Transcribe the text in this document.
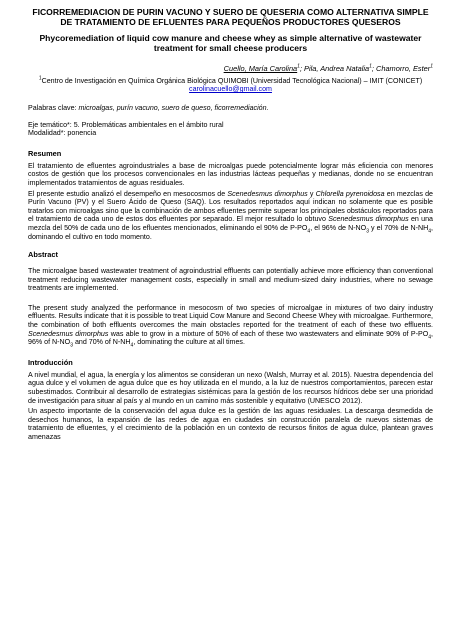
FICORREMEDIACION DE PURIN VACUNO Y SUERO DE QUESERIA COMO ALTERNATIVA SIMPLE DE TRATAMIENTO DE EFLUENTES PARA PEQUEÑOS PRODUCTORES QUESEROS
Phycoremediation of liquid cow manure and cheese whey as simple alternative of wastewater treatment for small cheese producers
Cuello, María Carolina$^1$; Pila, Andrea Natalia$^1$; Chamorro, Ester$^1$
$^1$Centro de Investigación en Química Orgánica Biológica QUIMOBI (Universidad Tecnológica Nacional) – IMIT (CONICET)
carolinacuello@gmail.com
Palabras clave: microalgas, purín vacuno, suero de queso, ficorremediación.
Eje temático*: 5. Problemáticas ambientales en el ámbito rural
Modalidad*: ponencia
Resumen

El tratamiento de efluentes agroindustriales a base de microalgas puede potencialmente lograr más eficiencia con menores costos de gestión que los procesos convencionales en las industrias lácteas pequeñas y medianas, donde no se encuentran implementados tratamientos de aguas residuales.

El presente estudio analizó el desempeño en mesocosmos de Scenedesmus dimorphus y Chlorella pyrenoidosa en mezclas de Purín Vacuno (PV) y el Suero Ácido de Queso (SAQ). Los resultados reportados aquí indican no solamente que es posible tratarlos con microalgas sino que la combinación de ambos efluentes permite superar los principales obstáculos reportados para el tratamiento de cada uno de estos dos efluentes por separado. El mejor resultado lo obtuvo Scenedesmus dimorphus en una mezcla del 50% de cada uno de los efluentes mencionados, eliminando el 90% de $P-PO_4$, el 96% de $N-NO_3$ y el 70% de $N-NH_4$, dominando el cultivo en todo momento.

Abstract

The microalgae based wastewater treatment of agroindustrial effluents can potentially achieve more efficiency than conventional treatment reducing wastewater management costs, especially in small and medium-sized dairy industries, where no sewage treatments are implemented.

The present study analyzed the performance in mesocosm of two species of microalgae in mixtures of two dairy industry effluents. Results indicate that it is possible to treat Liquid Cow Manure and Second Cheese Whey with microalgae. Furthermore, the combination of both effluents overcomes the main obstacles reported for the treatment of each of these two effluents. Scenedesmus dimorphus was able to grow in a mixture of 50% of each of these two wastewaters and eliminate 90% of $P-PO_4$, 96% of $N-NO_3$ and 70% of $N-NH_4$, dominating the culture at all times.

Introducción

A nivel mundial, el agua, la energía y los alimentos se consideran un nexo (Walsh, Murray et al. 2015). Nuestra dependencia del agua dulce y el volumen de agua dulce que es hoy utilizada en el mundo, a la luz de nuestros comportamientos, parecen estar subestimados. Contribuir al desarrollo de estrategias sistémicas para la gestión de los recursos hídricos debe ser una prioridad de investigación para situar al país y al mundo en un camino más sostenible y equitativo (UNESCO 2012).

Un aspecto importante de la conservación del agua dulce es la gestión de las aguas residuales. La descarga desmedida de desechos humanos, la expansión de las redes de agua en ciudades sin construcción paralela de nuevos sistemas de tratamiento de efluentes, y el crecimiento de la población en un contexto de recursos finitos de agua dulce, plantean graves amenazas
